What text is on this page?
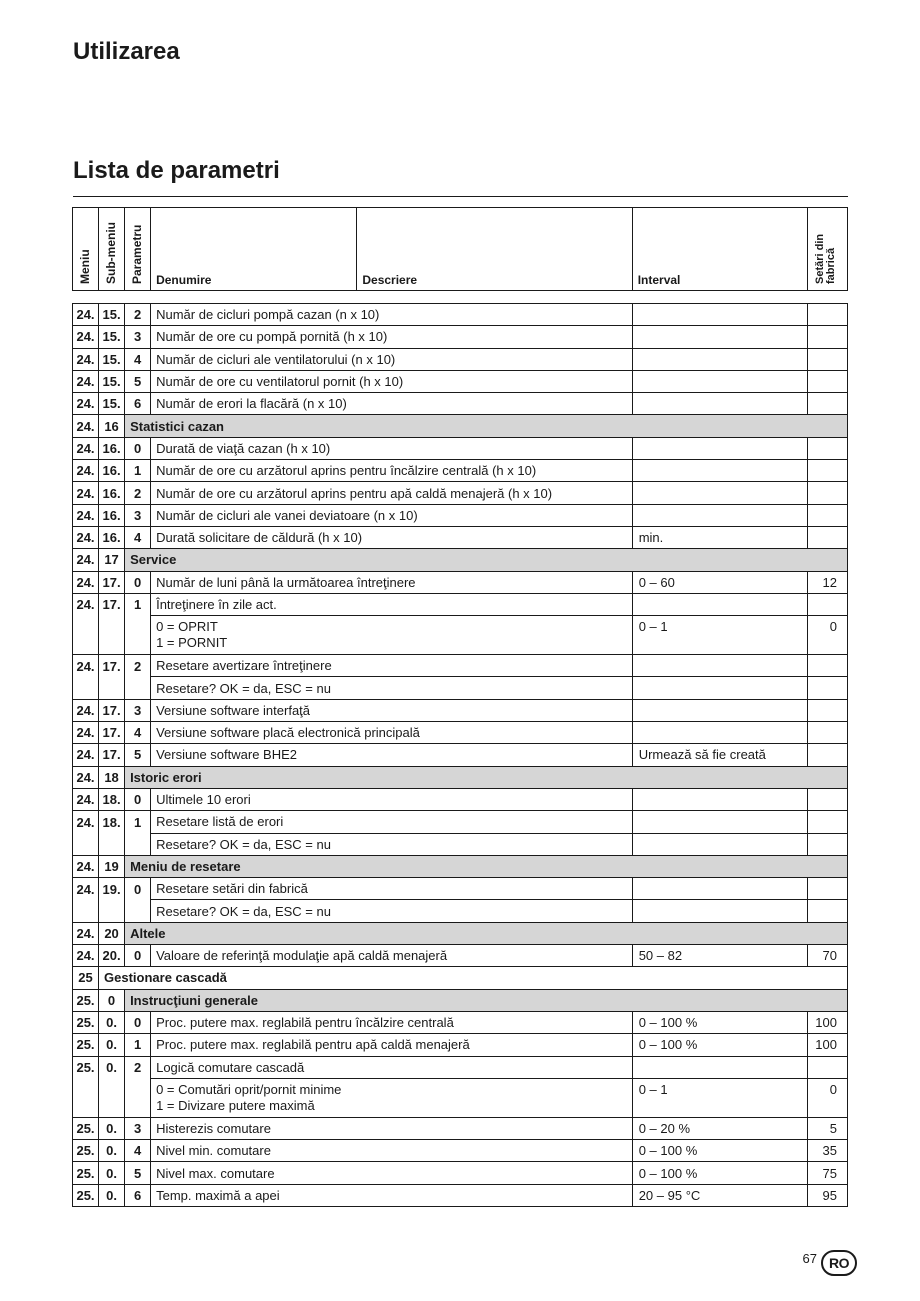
Utilizarea
Lista de parametri
Meniu	Sub-meniu	Parametru	Denumire	Descriere	Interval	Setări din
fabrică
24.	15.	2	Număr de cicluri pompă cazan (n x 10)		
24.	15.	3	Număr de ore cu pompă pornită (h x 10)		
24.	15.	4	Număr de cicluri ale ventilatorului (n x 10)		
24.	15.	5	Număr de ore cu ventilatorul pornit (h x 10)		
24.	15.	6	Număr de erori la flacără (n x 10)		
24.	16	Statistici cazan			
24.	16.	0	Durată de viaţă cazan (h x 10)		
24.	16.	1	Număr de ore cu arzătorul aprins pentru încălzire centrală (h x 10)		
24.	16.	2	Număr de ore cu arzătorul aprins pentru apă caldă menajeră (h x 10)		
24.	16.	3	Număr de cicluri ale vanei deviatoare (n x 10)		
24.	16.	4	Durată solicitare de căldură (h x 10)	min.	
24.	17	Service			
24.	17.	0	Număr de luni până la următoarea întreţinere	0 – 60	12
24.	17.	1	Întreţinere în zile act.		
			0 = OPRIT
1 = PORNIT	0 – 1	0
24.	17.	2	Resetare avertizare întreţinere		
			Resetare? OK = da, ESC = nu		
24.	17.	3	Versiune software interfaţă		
24.	17.	4	Versiune software placă electronică principală		
24.	17.	5	Versiune software BHE2	Urmează să fie creată	
24.	18	Istoric erori			
24.	18.	0	Ultimele 10 erori		
24.	18.	1	Resetare listă de erori		
			Resetare? OK = da, ESC = nu		
24.	19	Meniu de resetare			
24.	19.	0	Resetare setări din fabrică		
			Resetare? OK = da, ESC = nu		
24.	20	Altele			
24.	20.	0	Valoare de referinţă modulaţie apă caldă menajeră	50 – 82	70
25	Gestionare cascadă				
25.	0	Instrucţiuni generale			
25.	0.	0	Proc. putere max. reglabilă pentru încălzire centrală	0 – 100 %	100
25.	0.	1	Proc. putere max. reglabilă pentru apă caldă menajeră	0 – 100 %	100
25.	0.	2	Logică comutare cascadă		
			0 = Comutări oprit/pornit minime
1 = Divizare putere maximă	0 – 1	0
25.	0.	3	Histerezis comutare	0 – 20 %	5
25.	0.	4	Nivel min. comutare	0 – 100 %	35
25.	0.	5	Nivel max. comutare	0 – 100 %	75
25.	0.	6	Temp. maximă a apei	20 – 95 °C	95
67 RO
